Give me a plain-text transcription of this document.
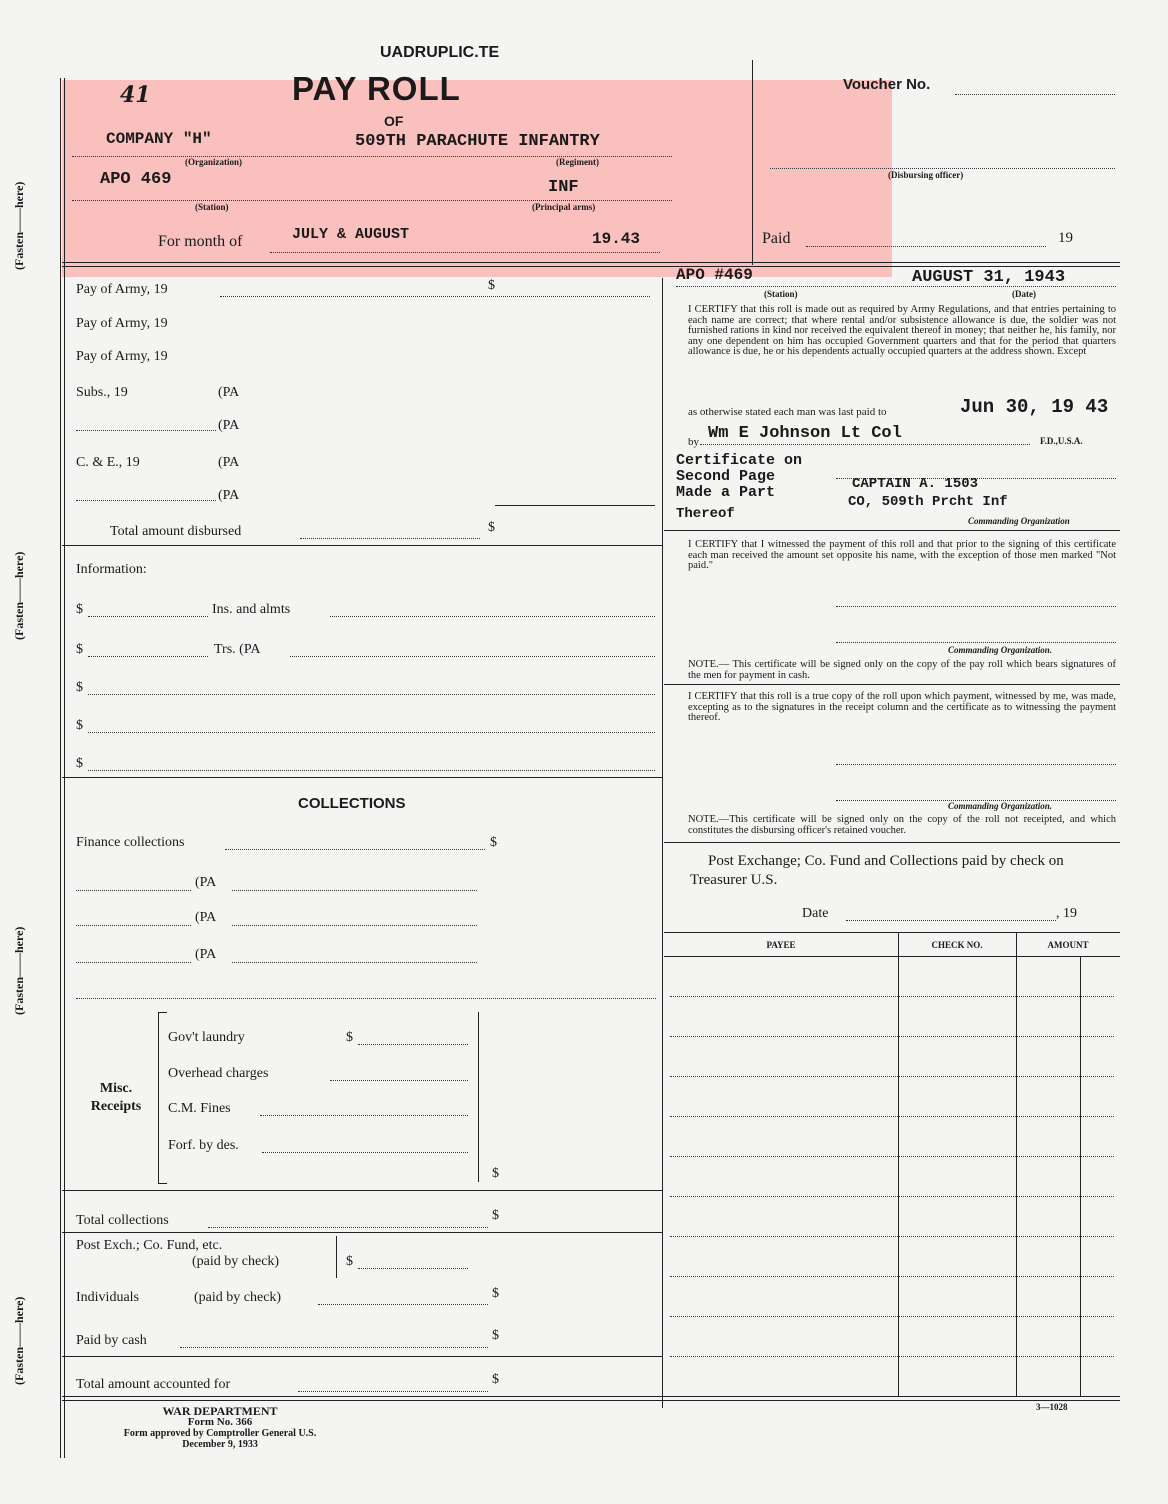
(Fasten——here)
(Fasten——here)
(Fasten——here)
(Fasten——here)
UADRUPLIC.TE
41	PAY ROLL
OF
Voucher No.
COMPANY "H"	509TH PARACHUTE INFANTRY
(Organization)	(Regiment)
(Disbursing officer)
APO 469	INF
(Station)	(Principal arms)
For month of	JULY & AUGUST	19.43	Paid	19
Pay of Army, 19	$
Pay of Army, 19
Pay of Army, 19
Subs., 19	(PA
(PA
C. & E., 19	(PA
(PA
Total amount disbursed	$
Information:
$	Ins. and almts
$	Trs. (PA
$
$
$
COLLECTIONS
Finance collections	$
(PA
(PA
(PA
Misc. Receipts
Gov't laundry	$
Overhead charges
C.M. Fines
Forf. by des.
$
Total collections	$
Post Exch.; Co. Fund, etc.
(paid by check)	$
Individuals	(paid by check)	$
Paid by cash	$
Total amount accounted for	$
WAR DEPARTMENT
Form No. 366
Form approved by Comptroller General U.S.
December 9, 1933
APO #469	AUGUST 31, 1943
(Station)	(Date)
I CERTIFY that this roll is made out as required by Army Regulations, and that entries pertaining to each name are correct; that where rental and/or subsistence allowance is due, the soldier was not furnished rations in kind nor received the equivalent thereof in money; that neither he, his family, nor any one dependent on him has occupied Government quarters and that for the period that quarters allowance is due, he or his dependents actually occupied quarters at the address shown. Except
as otherwise stated each man was last paid to	Jun 30, 19 43
by Wm E Johnson Lt Col	F.D.,U.S.A.
Certificate on
Second Page
Made a Part
Thereof
CAPTAIN A. 1503
CO, 509th Prcht Inf
Commanding Organization
I CERTIFY that I witnessed the payment of this roll and that prior to the signing of this certificate each man received the amount set opposite his name, with the exception of those men marked "Not paid."
Commanding Organization.
NOTE.— This certificate will be signed only on the copy of the pay roll which bears signatures of the men for payment in cash.
I CERTIFY that this roll is a true copy of the roll upon which payment, witnessed by me, was made, excepting as to the signatures in the receipt column and the certificate as to witnessing the payment thereof.
Commanding Organization.
NOTE.—This certificate will be signed only on the copy of the roll not receipted, and which constitutes the disbursing officer's retained voucher.
Post Exchange; Co. Fund and Collections paid by check on Treasurer U.S.
Date	, 19
PAYEE	CHECK NO.	AMOUNT
3—1028
